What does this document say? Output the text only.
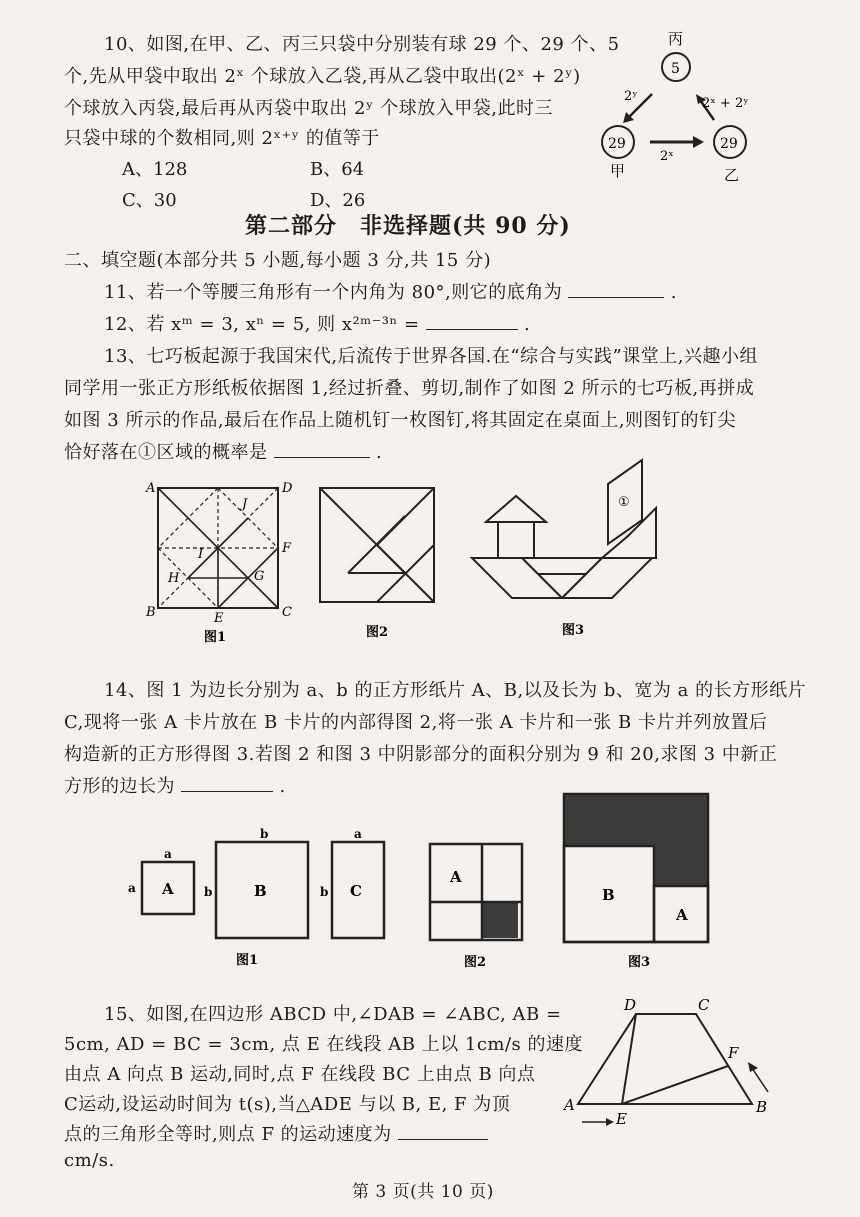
10、如图,在甲、乙、丙三只袋中分别装有球 29 个、29 个、5
个,先从甲袋中取出 2ˣ 个球放入乙袋,再从乙袋中取出(2ˣ + 2ʸ)
个球放入丙袋,最后再从丙袋中取出 2ʸ 个球放入甲袋,此时三
只袋中球的个数相同,则 2ˣ⁺ʸ 的值等于
A、128	B、64
C、30	D、26
丙
5
29
甲
29
乙
2ʸ	2ˣ + 2ʸ
2ˣ
第二部分　非选择题(共 90 分)
二、填空题(本部分共 5 小题,每小题 3 分,共 15 分)
11、若一个等腰三角形有一个内角为 80°,则它的底角为	.
12、若 xᵐ = 3, xⁿ = 5, 则 x²ᵐ⁻³ⁿ =	.
13、七巧板起源于我国宋代,后流传于世界各国.在“综合与实践”课堂上,兴趣小组
同学用一张正方形纸板依据图 1,经过折叠、剪切,制作了如图 2 所示的七巧板,再拼成
如图 3 所示的作品,最后在作品上随机钉一枚图钉,将其固定在桌面上,则图钉的钉尖
恰好落在①区域的概率是	.
A	D
B	C
E
F
G
H
I
J
图1	图2
①
图3
14、图 1 为边长分别为 a、b 的正方形纸片 A、B,以及长为 b、宽为 a 的长方形纸片
C,现将一张 A 卡片放在 B 卡片的内部得图 2,将一张 A 卡片和一张 B 卡片并列放置后
构造新的正方形得图 3.若图 2 和图 3 中阴影部分的面积分别为 9 和 20,求图 3 中新正
方形的边长为	.
a
a A
b
b	B
a
b C
图1
A
图2
B
A
图3
15、如图,在四边形 ABCD 中,∠DAB = ∠ABC, AB =
5cm, AD = BC = 3cm, 点 E 在线段 AB 上以 1cm/s 的速度
由点 A 向点 B 运动,同时,点 F 在线段 BC 上由点 B 向点
C运动,设运动时间为 t(s),当△ADE 与以 B, E, F 为顶
点的三角形全等时,则点 F 的运动速度为
cm/s.
A	B
C
D
E
F
第 3 页(共 10 页)
